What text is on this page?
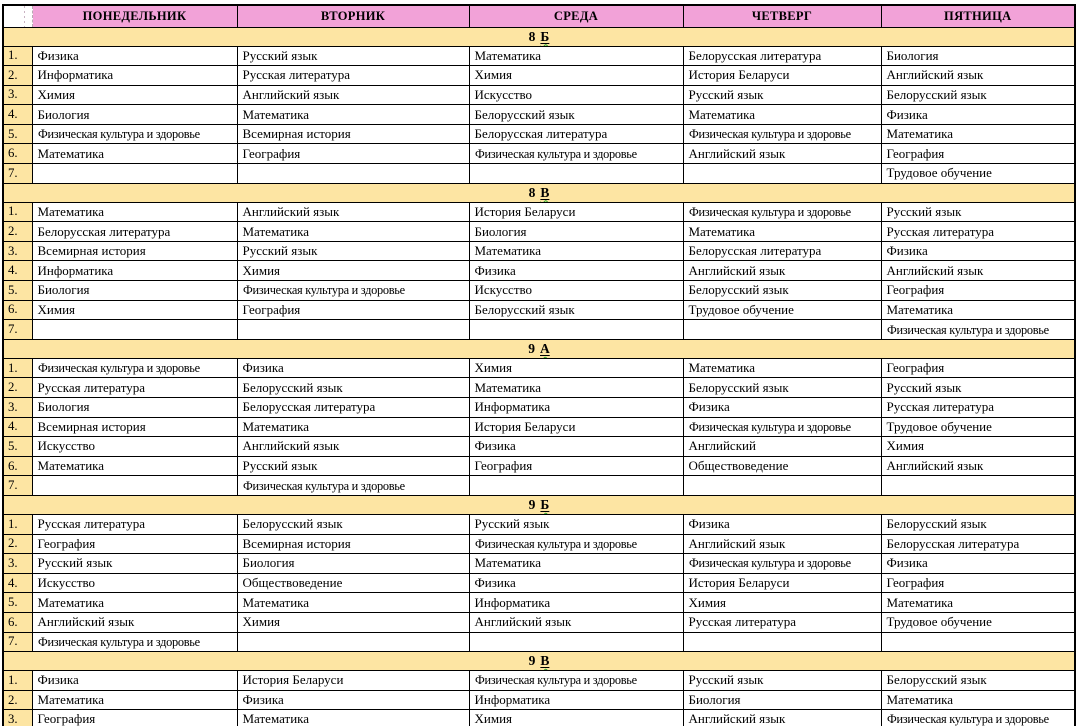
	ПОНЕДЕЛЬНИК	ВТОРНИК	СРЕДА	ЧЕТВЕРГ	ПЯТНИЦА
8 Б					
1.	Физика	Русский язык	Математика	Белорусская литература	Биология
2.	Информатика	Русская литература	Химия	История Беларуси	Английский язык
3.	Химия	Английский язык	Искусство	Русский язык	Белорусский язык
4.	Биология	Математика	Белорусский язык	Математика	Физика
5.	Физическая культура и здоровье	Всемирная история	Белорусская литература	Физическая культура и здоровье	Математика
6.	Математика	География	Физическая культура и здоровье	Английский язык	География
7.					Трудовое обучение
8 В					
1.	Математика	Английский язык	История Беларуси	Физическая культура и здоровье	Русский язык
2.	Белорусская литература	Математика	Биология	Математика	Русская литература
3.	Всемирная история	Русский язык	Математика	Белорусская литература	Физика
4.	Информатика	Химия	Физика	Английский язык	Английский язык
5.	Биология	Физическая культура и здоровье	Искусство	Белорусский язык	География
6.	Химия	География	Белорусский язык	Трудовое обучение	Математика
7.					Физическая культура и здоровье
9 А					
1.	Физическая культура и здоровье	Физика	Химия	Математика	География
2.	Русская литература	Белорусский язык	Математика	Белорусский язык	Русский язык
3.	Биология	Белорусская литература	Информатика	Физика	Русская литература
4.	Всемирная история	Математика	История Беларуси	Физическая культура и здоровье	Трудовое обучение
5.	Искусство	Английский язык	Физика	Английский	Химия
6.	Математика	Русский язык	География	Обществоведение	Английский язык
7.		Физическая культура и здоровье			
9 Б					
1.	Русская литература	Белорусский язык	Русский язык	Физика	Белорусский язык
2.	География	Всемирная история	Физическая культура и здоровье	Английский язык	Белорусская литература
3.	Русский язык	Биология	Математика	Физическая культура и здоровье	Физика
4.	Искусство	Обществоведение	Физика	История Беларуси	География
5.	Математика	Математика	Информатика	Химия	Математика
6.	Английский язык	Химия	Английский язык	Русская литература	Трудовое обучение
7.	Физическая культура и здоровье				
9 В					
1.	Физика	История Беларуси	Физическая культура и здоровье	Русский язык	Белорусский язык
2.	Математика	Физика	Информатика	Биология	Математика
3.	География	Математика	Химия	Английский язык	Физическая культура и здоровье
